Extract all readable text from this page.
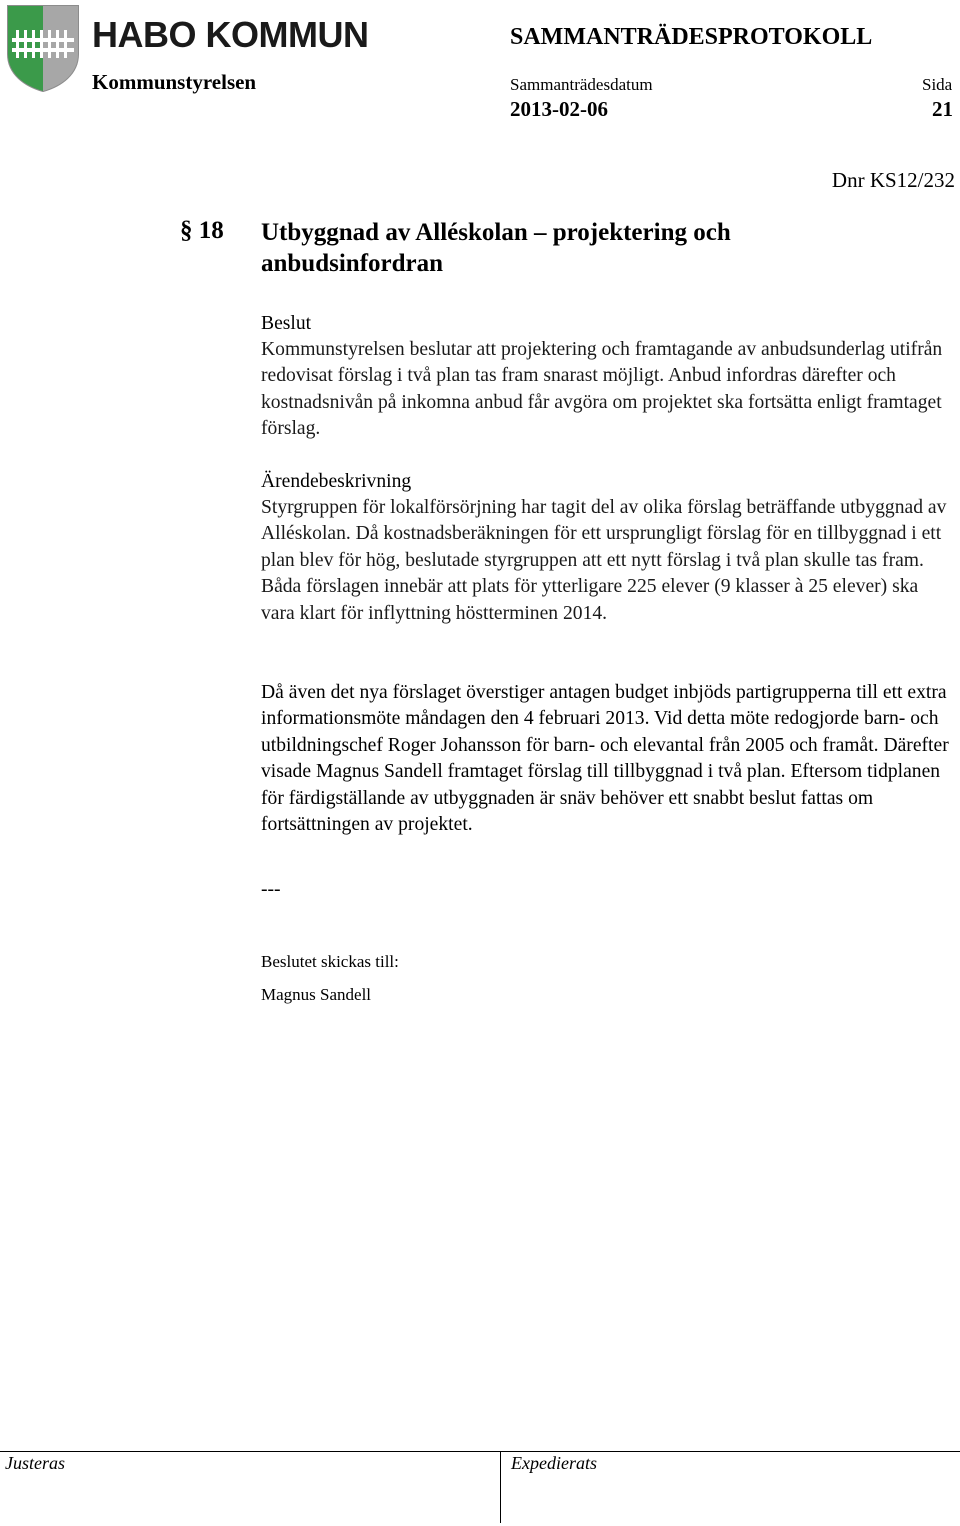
HABO KOMMUN	SAMMANTRÄDESPROTOKOLL
Kommunstyrelsen	Sammanträdesdatum	Sida
2013-02-06	21
Dnr KS12/232
§ 18 Utbyggnad av Alléskolan – projektering och anbudsinfordran
Beslut
Kommunstyrelsen beslutar att projektering och framtagande av anbudsunderlag utifrån redovisat förslag i två plan tas fram snarast möjligt. Anbud infordras därefter och kostnadsnivån på inkomna anbud får avgöra om projektet ska fortsätta enligt framtaget förslag.
Ärendebeskrivning
Styrgruppen för lokalförsörjning har tagit del av olika förslag beträffande utbyggnad av Alléskolan. Då kostnadsberäkningen för ett ursprungligt förslag för en tillbyggnad i ett plan blev för hög, beslutade styrgruppen att ett nytt förslag i två plan skulle tas fram. Båda förslagen innebär att plats för ytterligare 225 elever (9 klasser à 25 elever) ska vara klart för inflyttning höstterminen 2014.
Då även det nya förslaget överstiger antagen budget inbjöds partigrupperna till ett extra informationsmöte måndagen den 4 februari 2013. Vid detta möte redogjorde barn- och utbildningschef Roger Johansson för barn- och elevantal från 2005 och framåt. Därefter visade Magnus Sandell framtaget förslag till tillbyggnad i två plan. Eftersom tidplanen för färdigställande av utbyggnaden är snäv behöver ett snabbt beslut fattas om fortsättningen av projektet.
---
Beslutet skickas till:
Magnus Sandell
Justeras	Expedierats
